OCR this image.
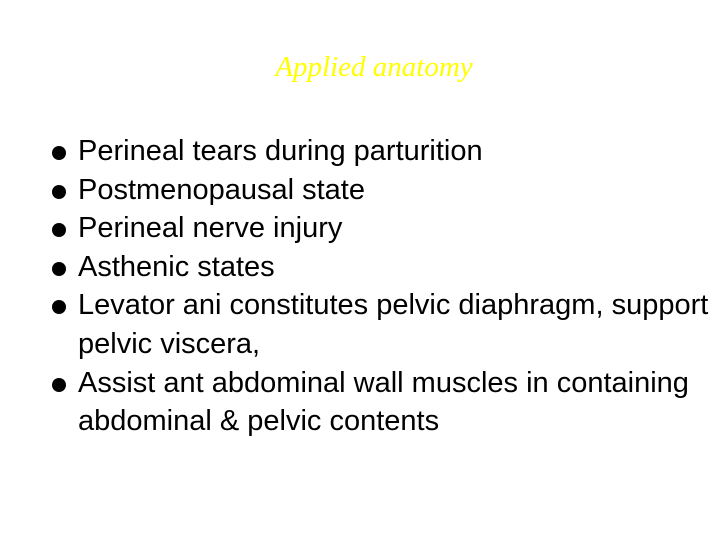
Applied anatomy
Perineal tears during parturition
Postmenopausal state
Perineal nerve injury
Asthenic states
Levator ani constitutes pelvic diaphragm, support pelvic viscera,
Assist ant abdominal wall muscles in containing abdominal & pelvic contents
